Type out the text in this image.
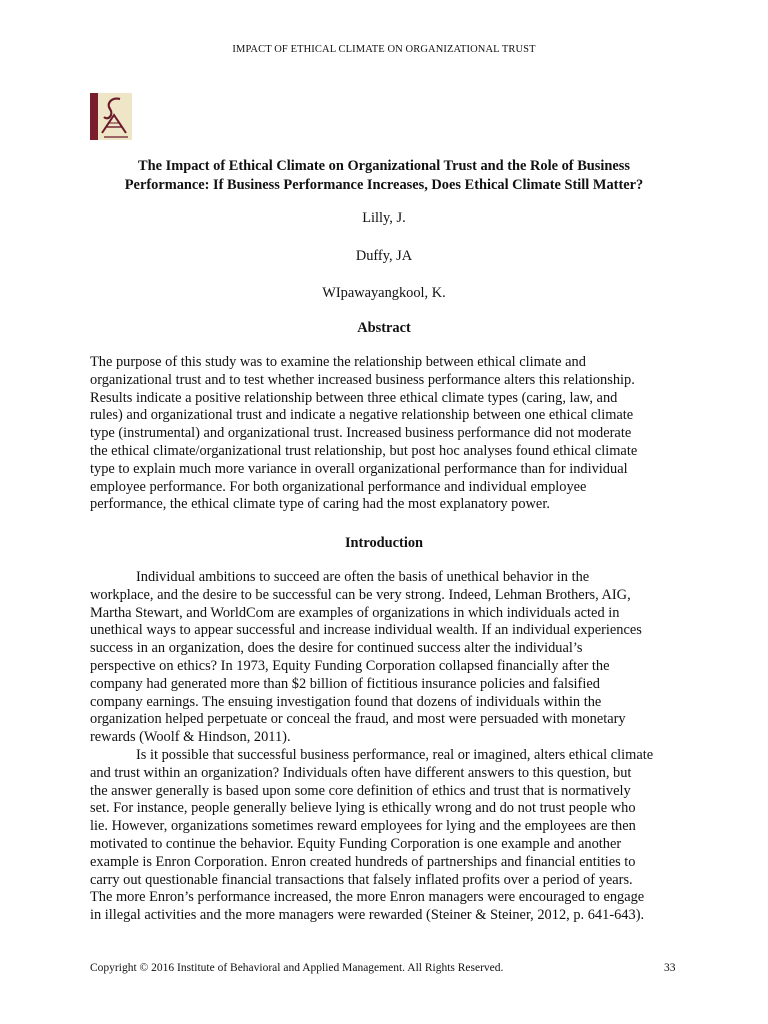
IMPACT OF ETHICAL CLIMATE ON ORGANIZATIONAL TRUST
The Impact of Ethical Climate on Organizational Trust and the Role of Business
Performance: If Business Performance Increases, Does Ethical Climate Still Matter?
Lilly, J.
Duffy, JA
WIpawayangkool, K.
Abstract
The purpose of this study was to examine the relationship between ethical climate and
organizational trust and to test whether increased business performance alters this relationship.
Results indicate a positive relationship between three ethical climate types (caring, law, and
rules) and organizational trust and indicate a negative relationship between one ethical climate
type (instrumental) and organizational trust. Increased business performance did not moderate
the ethical climate/organizational trust relationship, but post hoc analyses found ethical climate
type to explain much more variance in overall organizational performance than for individual
employee performance. For both organizational performance and individual employee
performance, the ethical climate type of caring had the most explanatory power.
Introduction
Individual ambitions to succeed are often the basis of unethical behavior in the
workplace, and the desire to be successful can be very strong. Indeed, Lehman Brothers, AIG,
Martha Stewart, and WorldCom are examples of organizations in which individuals acted in
unethical ways to appear successful and increase individual wealth. If an individual experiences
success in an organization, does the desire for continued success alter the individual’s
perspective on ethics? In 1973, Equity Funding Corporation collapsed financially after the
company had generated more than $2 billion of fictitious insurance policies and falsified
company earnings. The ensuing investigation found that dozens of individuals within the
organization helped perpetuate or conceal the fraud, and most were persuaded with monetary
rewards (Woolf & Hindson, 2011).
Is it possible that successful business performance, real or imagined, alters ethical climate
and trust within an organization? Individuals often have different answers to this question, but
the answer generally is based upon some core definition of ethics and trust that is normatively
set. For instance, people generally believe lying is ethically wrong and do not trust people who
lie. However, organizations sometimes reward employees for lying and the employees are then
motivated to continue the behavior. Equity Funding Corporation is one example and another
example is Enron Corporation. Enron created hundreds of partnerships and financial entities to
carry out questionable financial transactions that falsely inflated profits over a period of years.
The more Enron’s performance increased, the more Enron managers were encouraged to engage
in illegal activities and the more managers were rewarded (Steiner & Steiner, 2012, p. 641-643).
Copyright © 2016 Institute of Behavioral and Applied Management. All Rights Reserved.	33
